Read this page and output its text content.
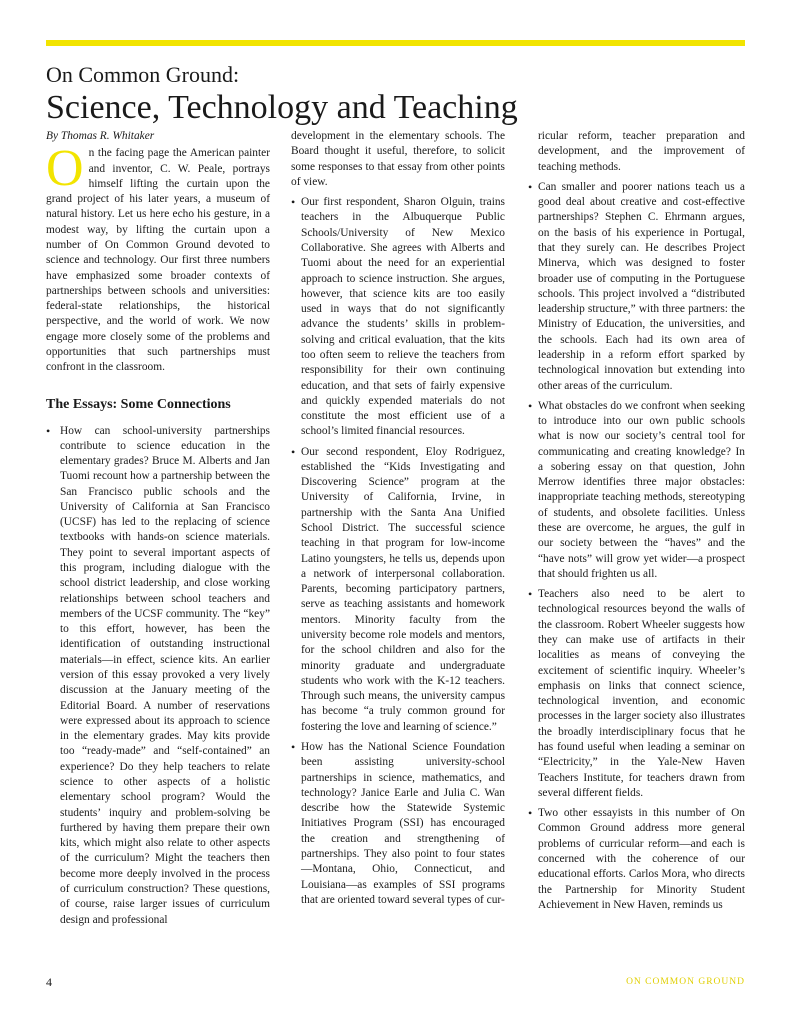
On Common Ground:
Science, Technology and Teaching

By Thomas R. Whitaker

On the facing page the American painter and inventor, C. W. Peale, portrays himself lifting the curtain upon the grand project of his later years, a museum of natural history. Let us here echo his gesture, in a modest way, by lifting the curtain upon a number of On Common Ground devoted to science and technology. Our first three numbers have emphasized some broader contexts of partnerships between schools and universities: federal-state relationships, the historical perspective, and the world of work. We now engage more closely some of the problems and opportunities that such partnerships must confront in the classroom.

The Essays: Some Connections

• How can school-university partnerships contribute to science education in the elementary grades? Bruce M. Alberts and Jan Tuomi recount how a partnership between the San Francisco public schools and the University of California at San Francisco (UCSF) has led to the replacing of science textbooks with hands-on science materials. They point to several important aspects of this program, including dialogue with the school district leadership, and close working relationships between school teachers and members of the UCSF community. The “key” to this effort, however, has been the identification of outstanding instructional materials—in effect, science kits. An earlier version of this essay provoked a very lively discussion at the January meeting of the Editorial Board. A number of reservations were expressed about its approach to science in the elementary grades. May kits provide too “ready-made” and “self-contained” an experience? Do they help teachers to relate science to other aspects of a holistic elementary school program? Would the students’ inquiry and problem-solving be furthered by having them prepare their own kits, which might also relate to other aspects of the curriculum? Might the teachers then become more deeply involved in the process of curriculum construction? These questions, of course, raise larger issues of curriculum design and professional

development in the elementary schools. The Board thought it useful, therefore, to solicit some responses to that essay from other points of view.

• Our first respondent, Sharon Olguin, trains teachers in the Albuquerque Public Schools/University of New Mexico Collaborative. She agrees with Alberts and Tuomi about the need for an experiential approach to science instruction. She argues, however, that science kits are too easily used in ways that do not significantly advance the students’ skills in problem-solving and critical evaluation, that the kits too often seem to relieve the teachers from responsibility for their own continuing education, and that sets of fairly expensive and quickly expended materials do not constitute the most efficient use of a school’s limited financial resources.
• Our second respondent, Eloy Rodriguez, established the “Kids Investigating and Discovering Science” program at the University of California, Irvine, in partnership with the Santa Ana Unified School District. The successful science teaching in that program for low-income Latino youngsters, he tells us, depends upon a network of interpersonal collaboration. Parents, becoming participatory partners, serve as teaching assistants and homework mentors. Minority faculty from the university become role models and mentors, for the school children and also for the minority graduate and undergraduate students who work with the K-12 teachers. Through such means, the university campus has become “a truly common ground for fostering the love and learning of science.”
• How has the National Science Foundation been assisting university-school partnerships in science, mathematics, and technology? Janice Earle and Julia C. Wan describe how the Statewide Systemic Initiatives Program (SSI) has encouraged the creation and strengthening of partnerships. They also point to four states—Montana, Ohio, Connecticut, and Louisiana—as examples of SSI programs that are oriented toward several types of cur-

ricular reform, teacher preparation and development, and the improvement of teaching methods.

• Can smaller and poorer nations teach us a good deal about creative and cost-effective partnerships? Stephen C. Ehrmann argues, on the basis of his experience in Portugal, that they surely can. He describes Project Minerva, which was designed to foster broader use of computing in the Portuguese schools. This project involved a “distributed leadership structure,” with three partners: the Ministry of Education, the universities, and the schools. Each had its own area of leadership in a reform effort sparked by technological innovation but extending into other areas of the curriculum.
• What obstacles do we confront when seeking to introduce into our own public schools what is now our society’s central tool for communicating and creating knowledge? In a sobering essay on that question, John Merrow identifies three major obstacles: inappropriate teaching methods, stereotyping of students, and obsolete facilities. Unless these are overcome, he argues, the gulf in our society between the “haves” and the “have nots” will grow yet wider—a prospect that should frighten us all.
• Teachers also need to be alert to technological resources beyond the walls of the classroom. Robert Wheeler suggests how they can make use of artifacts in their localities as means of conveying the excitement of scientific inquiry. Wheeler’s emphasis on links that connect science, technological invention, and economic processes in the larger society also illustrates the broadly interdisciplinary focus that he has found useful when leading a seminar on “Electricity,” in the Yale-New Haven Teachers Institute, for teachers drawn from several different fields.
• Two other essayists in this number of On Common Ground address more general problems of curricular reform—and each is concerned with the coherence of our educational efforts. Carlos Mora, who directs the Partnership for Minority Student Achievement in New Haven, reminds us
4	ON COMMON GROUND
